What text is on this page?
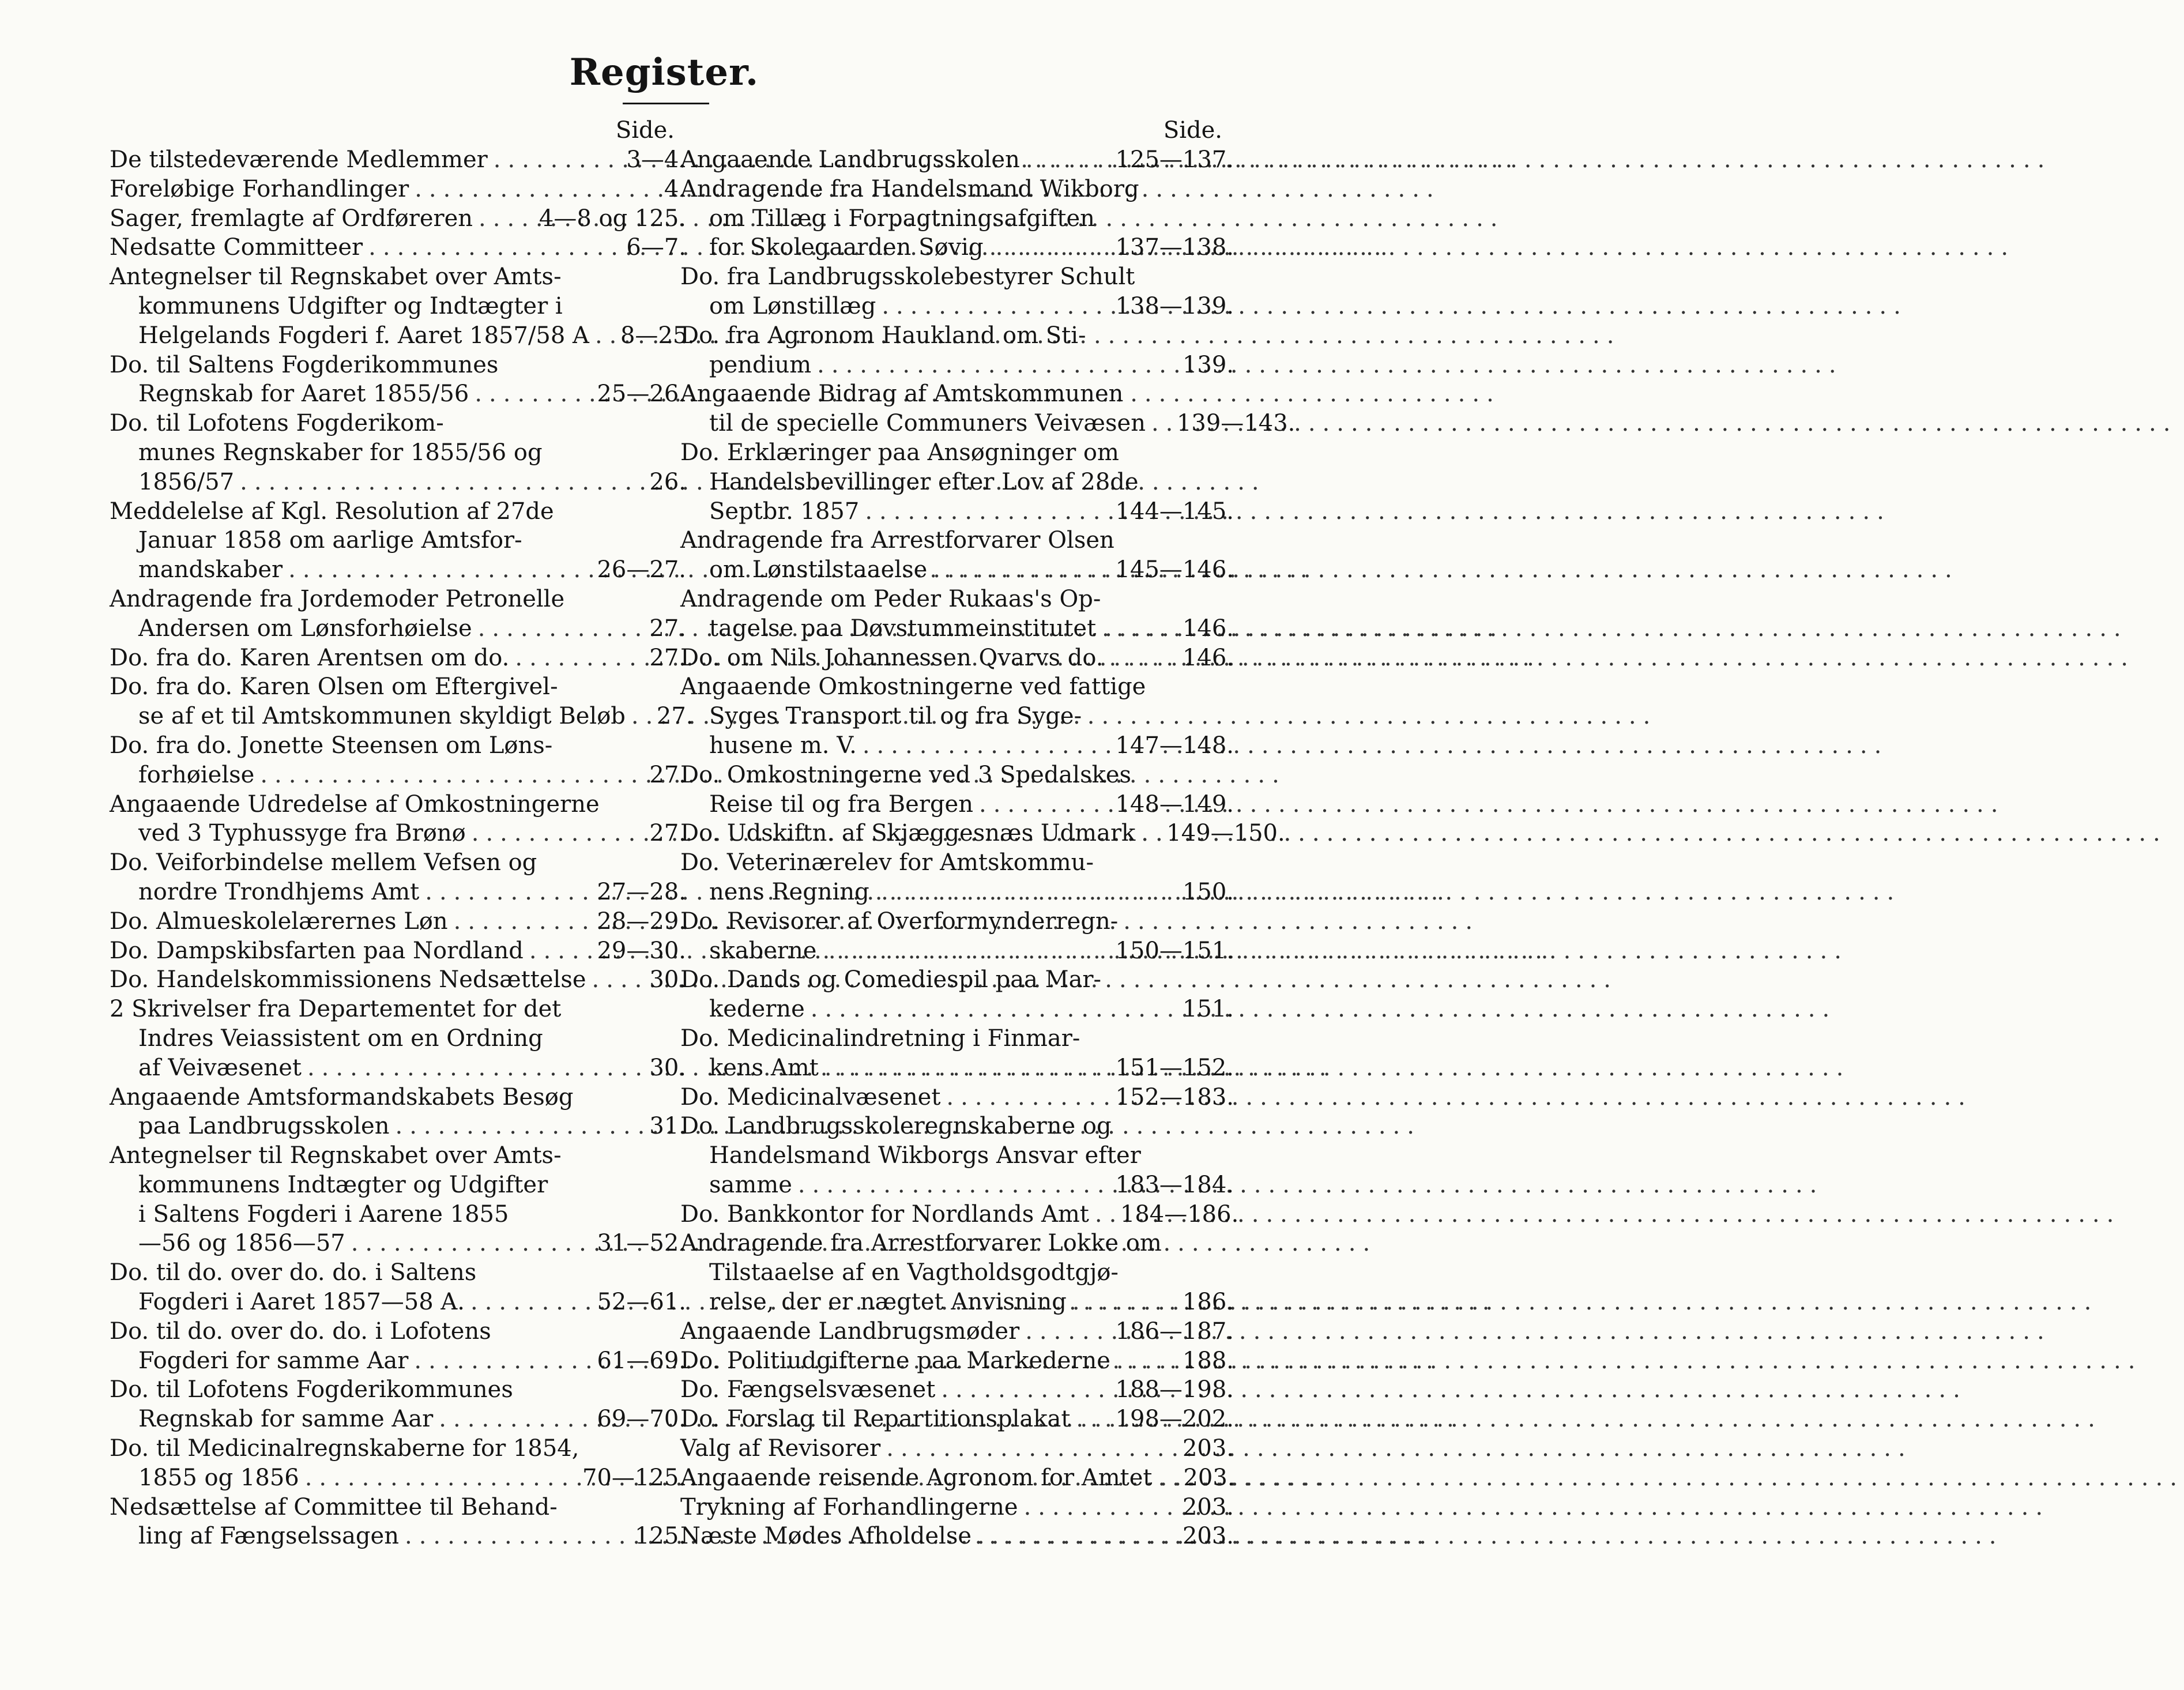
Register.
Side.
De tilstedeværende Medlemmer .....	3—4.
Foreløbige Forhandlinger .....	4.
Sager, fremlagte af Ordføreren .....	4—8 og 125.
Nedsatte Committeer .....	6—7.
Antegnelser til Regnskabet over Amts-
kommunens Udgifter og Indtægter i
Helgelands Fogderi f. Aaret 1857/58 A .....	8—25.
Do. til Saltens Fogderikommunes
Regnskab for Aaret 1855/56 .....	25—26.
Do. til Lofotens Fogderikom-
munes Regnskaber for 1855/56 og
1856/57 .....	26.
Meddelelse af Kgl. Resolution af 27de
Januar 1858 om aarlige Amtsfor-
mandskaber .....	26—27.
Andragende fra Jordemoder Petronelle
Andersen om Lønsforhøielse .....	27.
Do. fra do. Karen Arentsen om do. .....	27.
Do. fra do. Karen Olsen om Eftergivel-
se af et til Amtskommunen skyldigt Beløb .....	27.
Do. fra do. Jonette Steensen om Løns-
forhøielse .....	27.
Angaaende Udredelse af Omkostningerne
ved 3 Typhussyge fra Brønø .....	27.
Do. Veiforbindelse mellem Vefsen og
nordre Trondhjems Amt .....	27—28.
Do. Almueskolelærernes Løn .....	28—29.
Do. Dampskibsfarten paa Nordland .....	29—30.
Do. Handelskommissionens Nedsættelse .....	30.
2 Skrivelser fra Departementet for det
Indres Veiassistent om en Ordning
af Veivæsenet .....	30.
Angaaende Amtsformandskabets Besøg
paa Landbrugsskolen .....	31.
Antegnelser til Regnskabet over Amts-
kommunens Indtægter og Udgifter
i Saltens Fogderi i Aarene 1855
—56 og 1856—57 .....	31—52.
Do. til do. over do. do. i Saltens
Fogderi i Aaret 1857—58 A. .....	52—61.
Do. til do. over do. do. i Lofotens
Fogderi for samme Aar .....	61—69.
Do. til Lofotens Fogderikommunes
Regnskab for samme Aar .....	69—70.
Do. til Medicinalregnskaberne for 1854,
1855 og 1856 .....	70—125.
Nedsættelse af Committee til Behand-
ling af Fængselssagen .....	125.
Side.
Angaaende Landbrugsskolen .....	125—137.
Andragende fra Handelsmand Wikborg
om Tillæg i Forpagtningsafgiften
for Skolegaarden Søvig .....	137—138.
Do. fra Landbrugsskolebestyrer Schult
om Lønstillæg .....	138—139.
Do. fra Agronom Haukland om Sti-
pendium .....	139.
Angaaende Bidrag af Amtskommunen
til de specielle Communers Veivæsen .....	139—143.
Do. Erklæringer paa Ansøgninger om
Handelsbevillinger efter Lov af 28de
Septbr. 1857 .....	144—145.
Andragende fra Arrestforvarer Olsen
om Lønstilstaaelse .....	145—146.
Andragende om Peder Rukaas's Op-
tagelse paa Døvstummeinstitutet .....	146.
Do. om Nils Johannessen Qvarvs do. .....	146.
Angaaende Omkostningerne ved fattige
Syges Transport til og fra Syge-
husene m. V. .....	147—148.
Do. Omkostningerne ved 3 Spedalskes
Reise til og fra Bergen .....	148—149.
Do. Udskiftn. af Skjæggesnæs Udmark .....	149—150.
Do. Veterinærelev for Amtskommu-
nens Regning .....	150.
Do. Revisorer af Overformynderregn-
skaberne .....	150—151.
Do. Dands og Comediespil paa Mar-
kederne .....	151.
Do. Medicinalindretning i Finmar-
kens Amt .....	151—152.
Do. Medicinalvæsenet .....	152—183.
Do. Landbrugsskoleregnskaberne og
Handelsmand Wikborgs Ansvar efter
samme .....	183—184.
Do. Bankkontor for Nordlands Amt .....	184—186.
Andragende fra Arrestforvarer Lokke om
Tilstaaelse af en Vagtholdsgodtgjø-
relse, der er nægtet Anvisning .....	186.
Angaaende Landbrugsmøder .....	186—187.
Do. Politiudgifterne paa Markederne .....	188.
Do. Fængselsvæsenet .....	188—198.
Do. Forslag til Repartitionsplakat .....	198—202.
Valg af Revisorer .....	203.
Angaaende reisende Agronom for Amtet .....	203.
Trykning af Forhandlingerne .....	203.
Næste Mødes Afholdelse .....	203.
